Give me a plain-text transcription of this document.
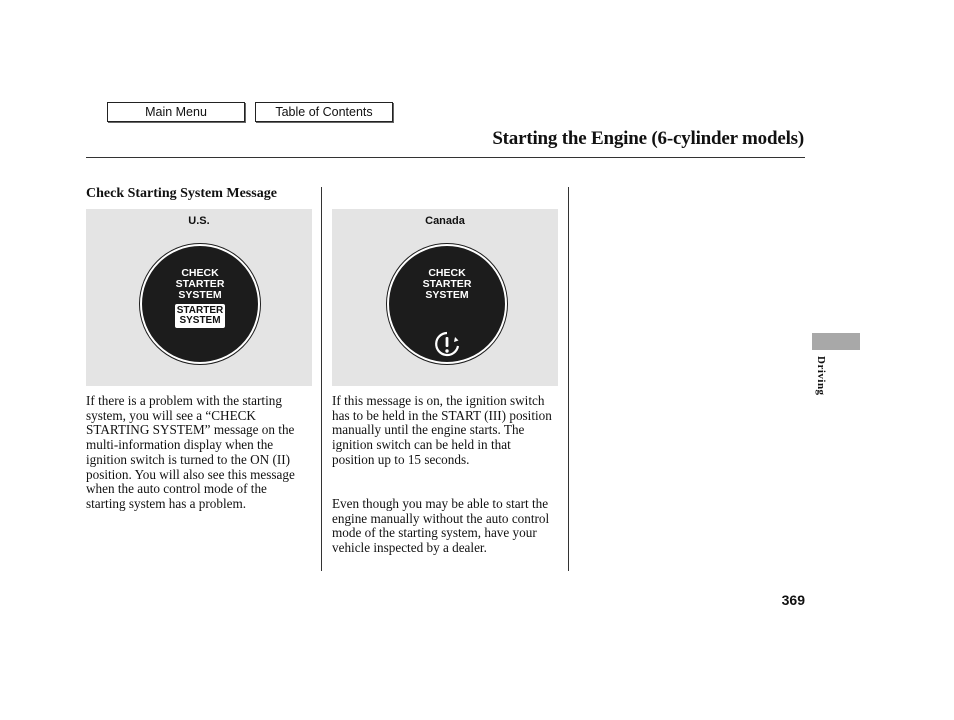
Main Menu	Table of Contents
Starting the Engine (6-cylinder models)
Check Starting System Message
U.S.
CHECK
STARTER
SYSTEM
STARTER
SYSTEM
Canada
CHECK
STARTER
SYSTEM

If there is a problem with the starting system, you will see a “CHECK STARTING SYSTEM” message on the multi-information display when the ignition switch is turned to the ON (II) position. You will also see this message when the auto control mode of the starting system has a problem.

If this message is on, the ignition switch has to be held in the START (III) position manually until the engine starts. The ignition switch can be held in that position up to 15 seconds.

Even though you may be able to start the engine manually without the auto control mode of the starting system, have your vehicle inspected by a dealer.

Driving
369
